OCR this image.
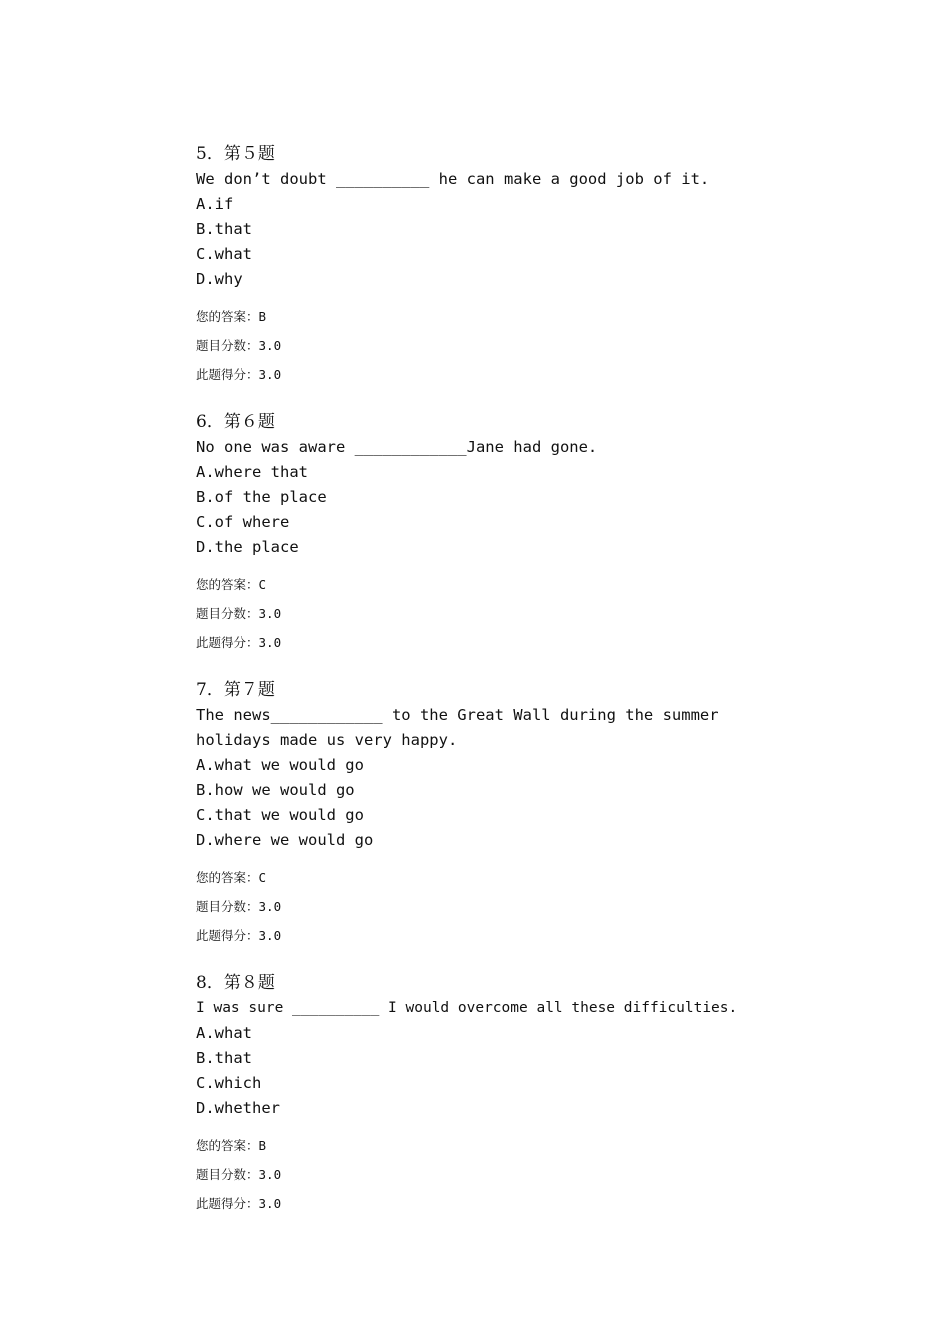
5．第５题
We don’t doubt __________ he can make a good job of it.
A.if
B.that
C.what
D.why
您的答案：B
题目分数：3.0
此题得分：3.0
6．第６题
No one was aware ____________Jane had gone.
A.where that
B.of the place
C.of where
D.the place
您的答案：C
题目分数：3.0
此题得分：3.0
7．第７题
The news____________ to the Great Wall during the summer holidays made us very happy.
A.what we would go
B.how we would go
C.that we would go
D.where we would go
您的答案：C
题目分数：3.0
此题得分：3.0
8．第８题
I was sure __________ I would overcome all these difficulties.
A.what
B.that
C.which
D.whether
您的答案：B
题目分数：3.0
此题得分：3.0
